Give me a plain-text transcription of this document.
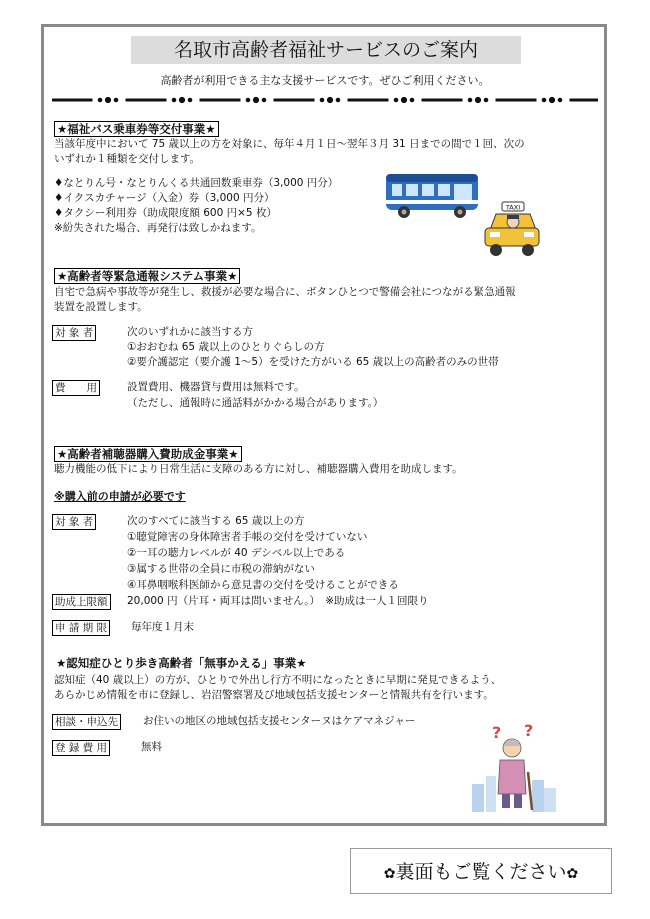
名取市高齢者福祉サービスのご案内
高齢者が利用できる主な支援サービスです。ぜひご利用ください。
★福祉バス乗車券等交付事業★
当該年度中において 75 歳以上の方を対象に、毎年４月１日～翌年３月 31 日までの間で１回、次の
いずれか１種類を交付します。
♦なとりん号・なとりんくる共通回数乗車券（3,000 円分）
♦イクスカチャージ（入金）券（3,000 円分）
♦タクシー利用券（助成限度額 600 円×5 枚）
※紛失された場合、再発行は致しかねます。
TAXI
★高齢者等緊急通報システム事業★
自宅で急病や事故等が発生し、救援が必要な場合に、ボタンひとつで警備会社につながる緊急通報
装置を設置します。
対 象 者	次のいずれかに該当する方
①おおむね 65 歳以上のひとりぐらしの方
②要介護認定（要介護 1～5）を受けた方がいる 65 歳以上の高齢者のみの世帯
費　　用	設置費用、機器貸与費用は無料です。
（ただし、通報時に通話料がかかる場合があります。）
★高齢者補聴器購入費助成金事業★
聴力機能の低下により日常生活に支障のある方に対し、補聴器購入費用を助成します。
※購入前の申請が必要です
対 象 者	次のすべてに該当する 65 歳以上の方
①聴覚障害の身体障害者手帳の交付を受けていない
②一耳の聴力レベルが 40 デシベル以上である
③属する世帯の全員に市税の滞納がない
④耳鼻咽喉科医師から意見書の交付を受けることができる
助成上限額 20,000 円（片耳・両耳は問いません。）　※助成は一人１回限り
申 請 期 限 毎年度１月末
★認知症ひとり歩き高齢者「無事かえる」事業★
認知症（40 歳以上）の方が、ひとりで外出し行方不明になったときに早期に発見できるよう、
あらかじめ情報を市に登録し、岩沼警察署及び地域包括支援センターと情報共有を行います。
相談・申込先 お住いの地区の地域包括支援センターヌはケアマネジャー
登 録 費 用	無料
? ?
✿裏面もご覧ください✿
